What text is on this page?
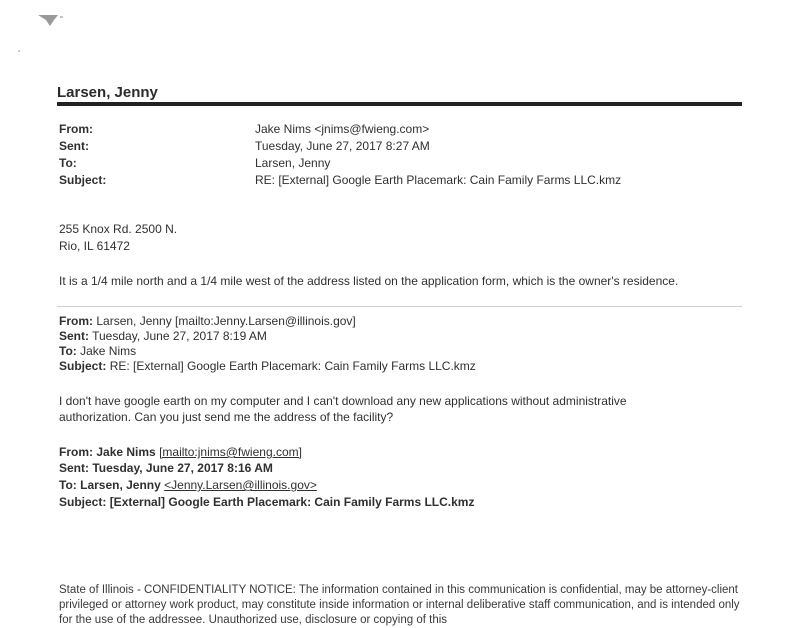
Larsen, Jenny
From:	Jake Nims <jnims@fwieng.com>
Sent:	Tuesday, June 27, 2017 8:27 AM
To:	Larsen, Jenny
Subject:	RE: [External] Google Earth Placemark: Cain Family Farms LLC.kmz
255 Knox Rd. 2500 N.
Rio, IL 61472
It is a 1/4 mile north and a 1/4 mile west of the address listed on the application form, which is the owner's residence.
From: Larsen, Jenny [mailto:Jenny.Larsen@illinois.gov]
Sent: Tuesday, June 27, 2017 8:19 AM
To: Jake Nims
Subject: RE: [External] Google Earth Placemark: Cain Family Farms LLC.kmz
I don't have google earth on my computer and I can't download any new applications without administrative
authorization. Can you just send me the address of the facility?
From: Jake Nims [mailto:jnims@fwieng.com]
Sent: Tuesday, June 27, 2017 8:16 AM
To: Larsen, Jenny <Jenny.Larsen@illinois.gov>
Subject: [External] Google Earth Placemark: Cain Family Farms LLC.kmz
State of Illinois - CONFIDENTIALITY NOTICE: The information contained in this communication is confidential, may be attorney-client privileged or attorney work product, may constitute inside information or internal deliberative staff communication, and is intended only for the use of the addressee. Unauthorized use, disclosure or copying of this
